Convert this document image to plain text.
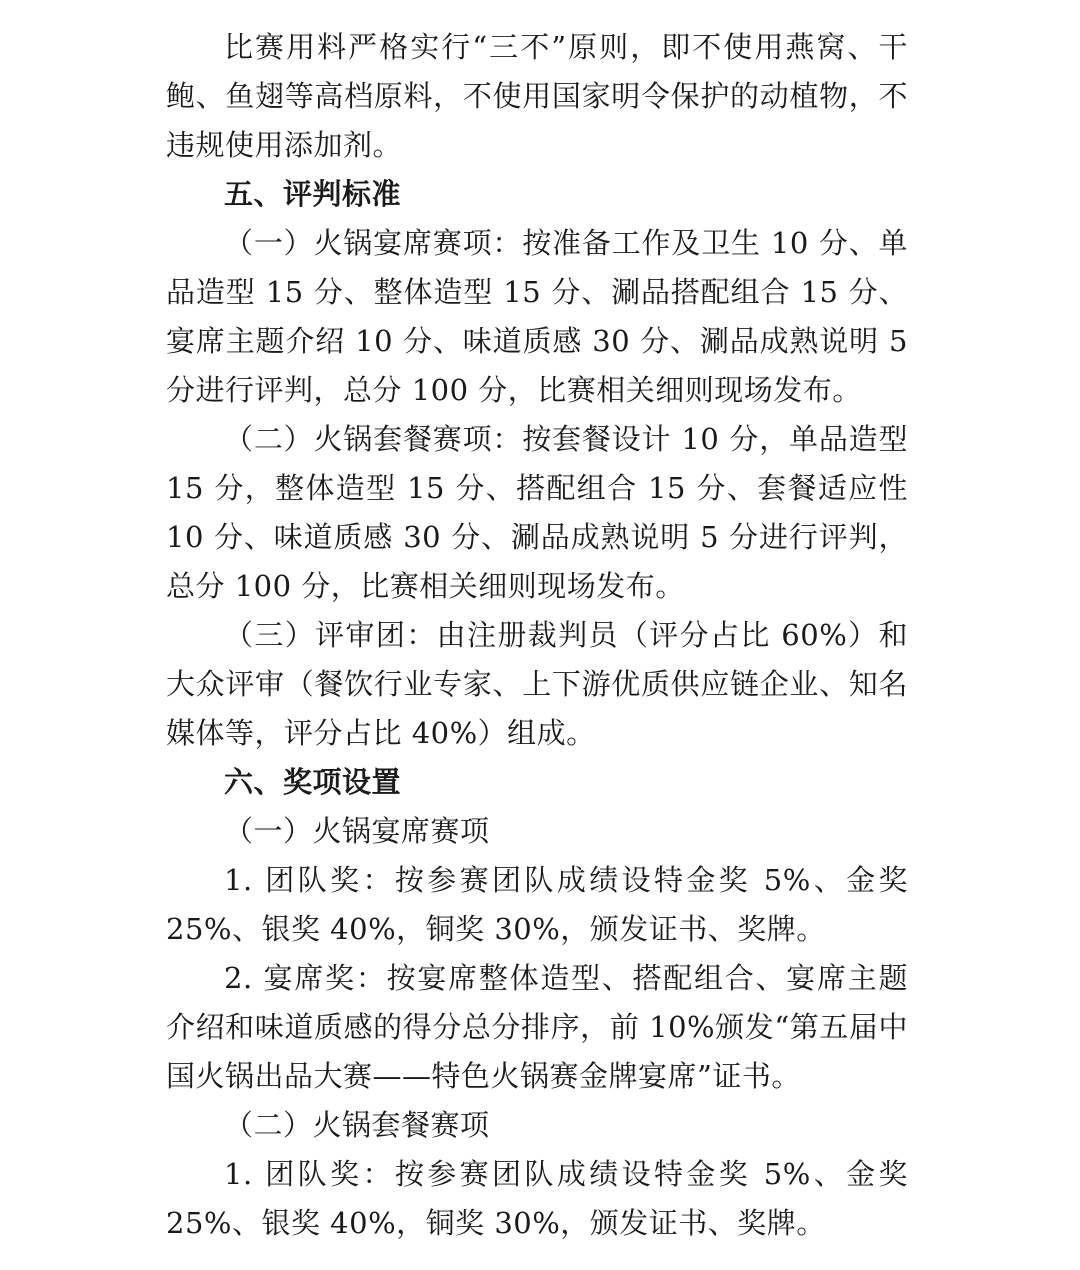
比赛用料严格实行“三不”原则，即不使用燕窝、干鲍、鱼翅等高档原料，不使用国家明令保护的动植物，不违规使用添加剂。

五、评判标准

（一）火锅宴席赛项：按准备工作及卫生 10 分、单品造型 15 分、整体造型 15 分、涮品搭配组合 15 分、宴席主题介绍 10 分、味道质感 30 分、涮品成熟说明 5 分进行评判，总分 100 分，比赛相关细则现场发布。

（二）火锅套餐赛项：按套餐设计 10 分，单品造型 15 分，整体造型 15 分、搭配组合 15 分、套餐适应性 10 分、味道质感 30 分、涮品成熟说明 5 分进行评判，总分 100 分，比赛相关细则现场发布。

（三）评审团：由注册裁判员（评分占比 60%）和大众评审（餐饮行业专家、上下游优质供应链企业、知名媒体等，评分占比 40%）组成。

六、奖项设置

（一）火锅宴席赛项

1. 团队奖：按参赛团队成绩设特金奖 5%、金奖 25%、银奖 40%，铜奖 30%，颁发证书、奖牌。

2. 宴席奖：按宴席整体造型、搭配组合、宴席主题介绍和味道质感的得分总分排序，前 10%颁发“第五届中国火锅出品大赛——特色火锅赛金牌宴席”证书。

（二）火锅套餐赛项

1. 团队奖：按参赛团队成绩设特金奖 5%、金奖 25%、银奖 40%，铜奖 30%，颁发证书、奖牌。
